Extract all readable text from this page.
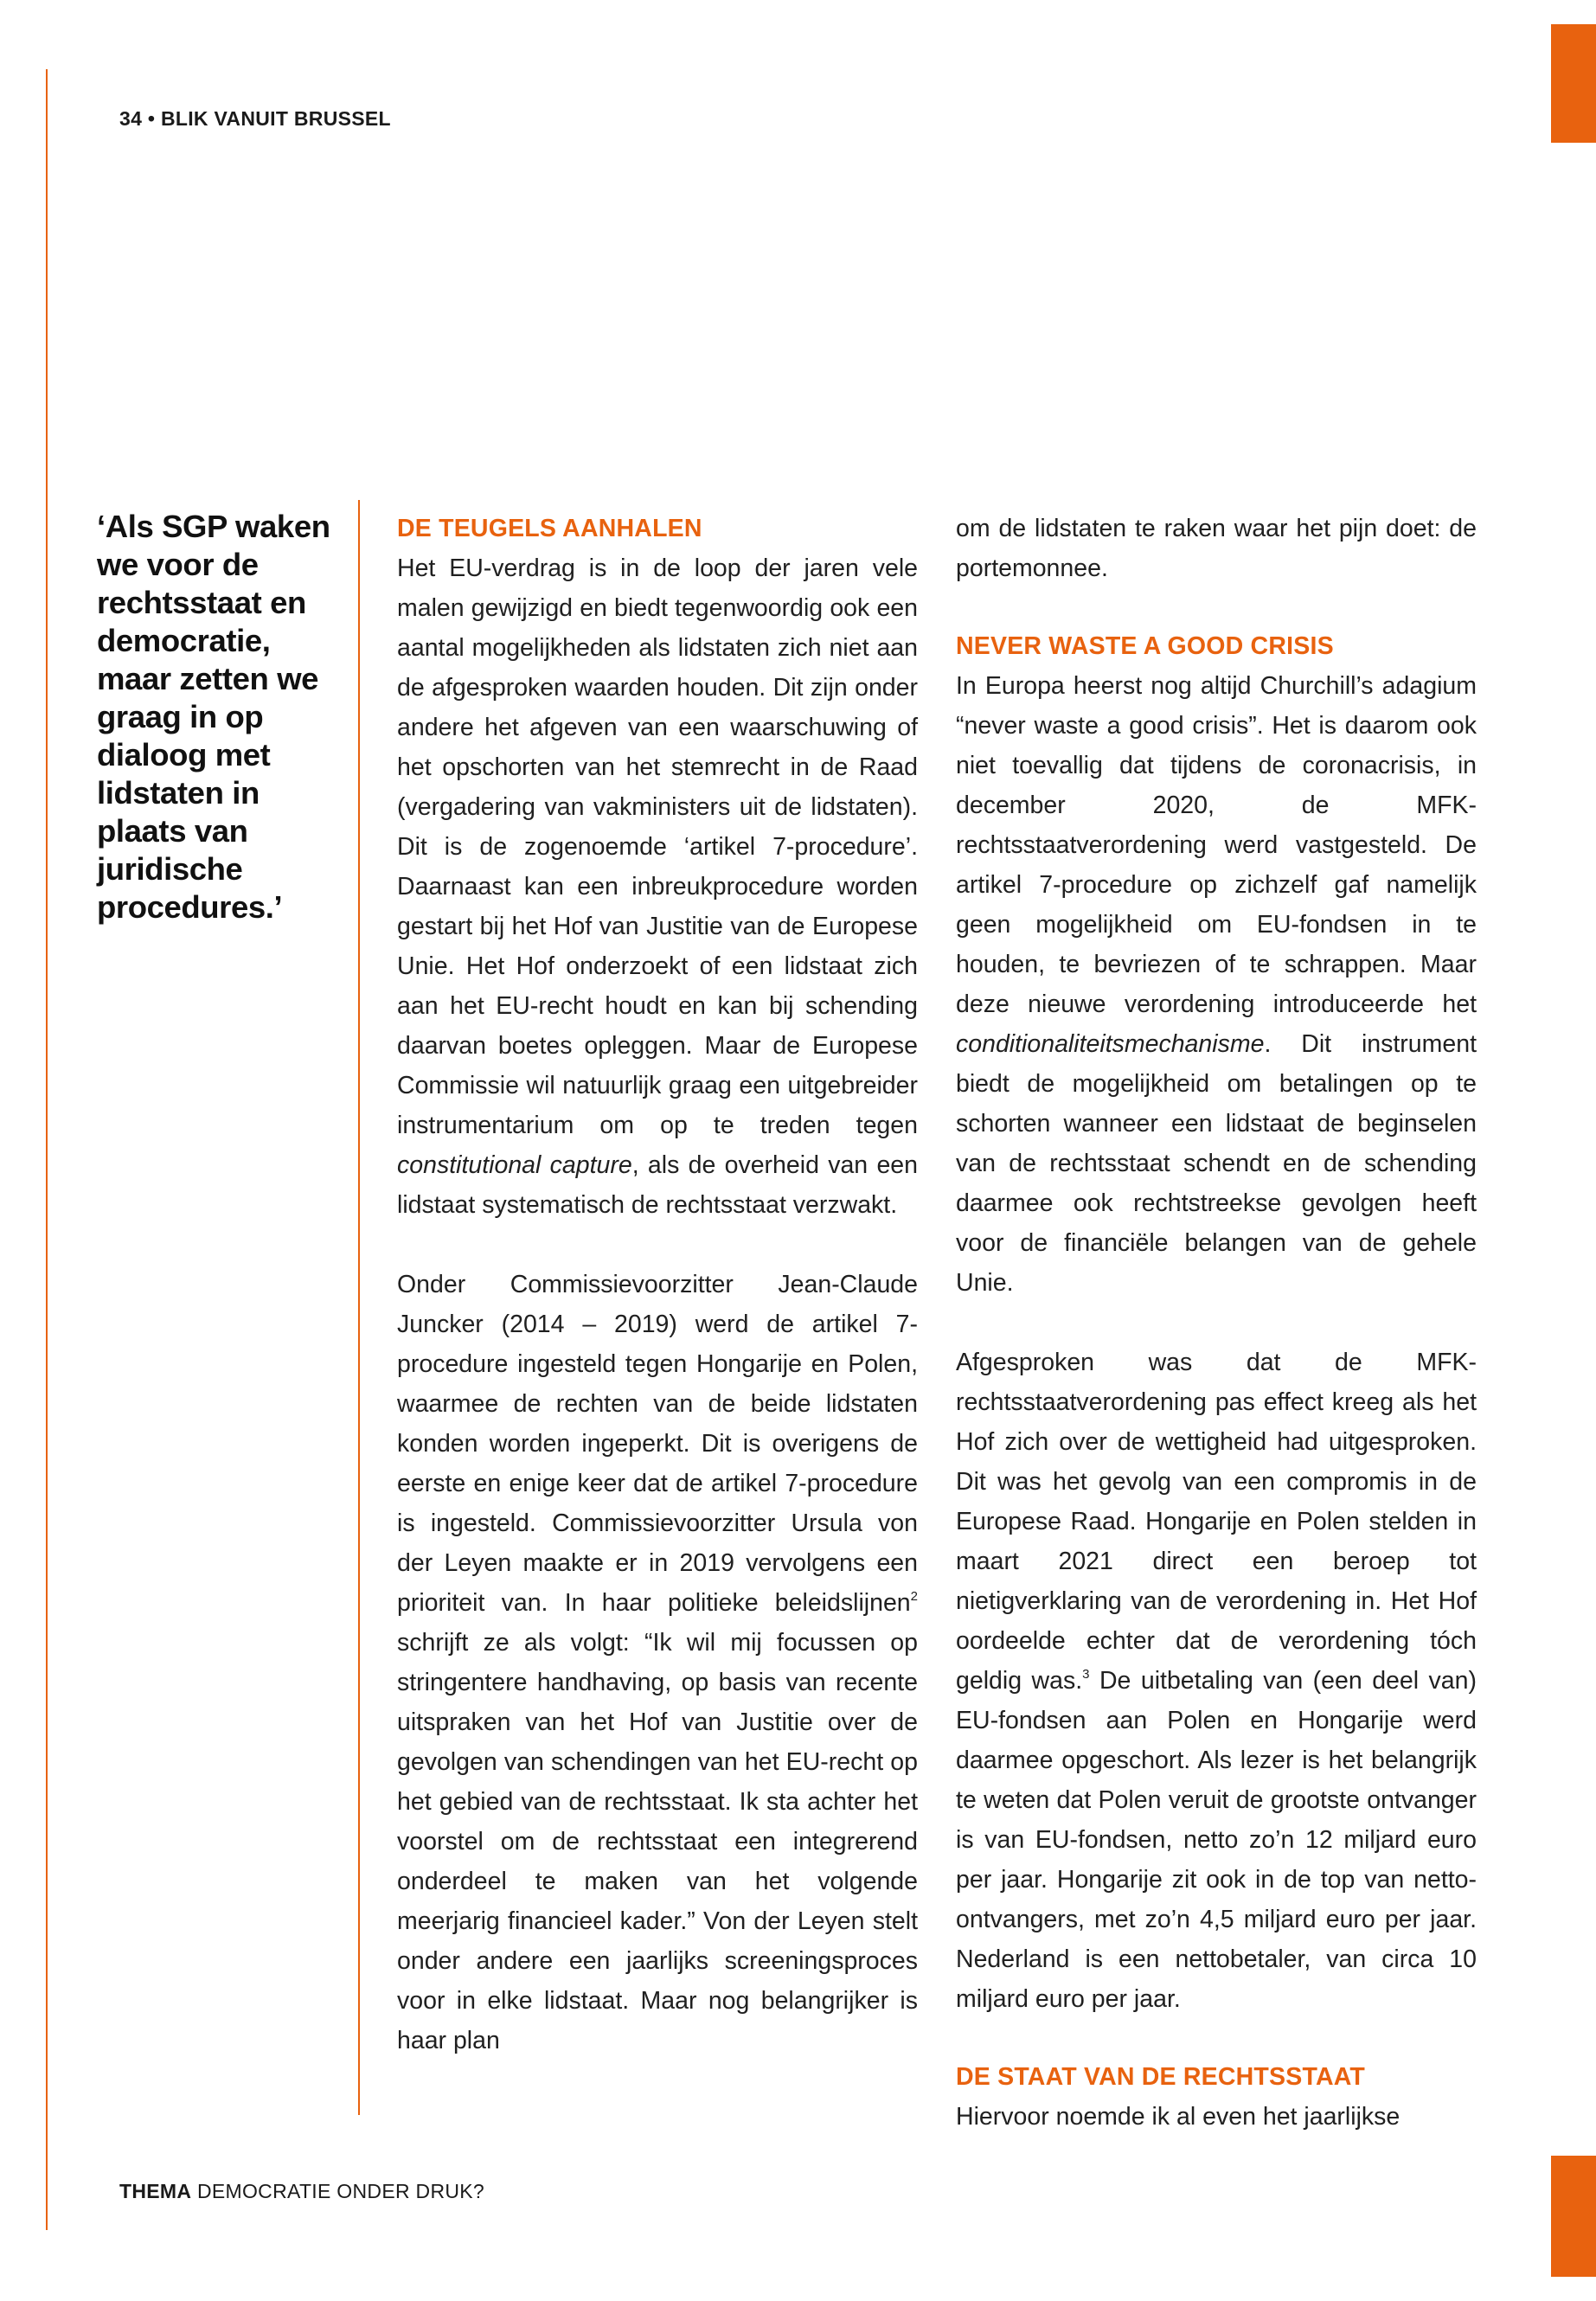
34 • BLIK VANUIT BRUSSEL
‘Als SGP waken we voor de rechtsstaat en democratie, maar zetten we graag in op dialoog met lidstaten in plaats van juridische procedures.’
DE TEUGELS AANHALEN

Het EU-verdrag is in de loop der jaren vele malen gewijzigd en biedt tegenwoordig ook een aantal mogelijkheden als lidstaten zich niet aan de afgesproken waarden houden. Dit zijn onder andere het afgeven van een waarschuwing of het opschorten van het stemrecht in de Raad (vergadering van vakministers uit de lidstaten). Dit is de zogenoemde ‘artikel 7-procedure’. Daarnaast kan een inbreukprocedure worden gestart bij het Hof van Justitie van de Europese Unie. Het Hof onderzoekt of een lidstaat zich aan het EU-recht houdt en kan bij schending daarvan boetes opleggen. Maar de Europese Commissie wil natuurlijk graag een uitgebreider instrumentarium om op te treden tegen constitutional capture, als de overheid van een lidstaat systematisch de rechtsstaat verzwakt.

Onder Commissievoorzitter Jean-Claude Juncker (2014 – 2019) werd de artikel 7-procedure ingesteld tegen Hongarije en Polen, waarmee de rechten van de beide lidstaten konden worden ingeperkt. Dit is overigens de eerste en enige keer dat de artikel 7-procedure is ingesteld. Commissievoorzitter Ursula von der Leyen maakte er in 2019 vervolgens een prioriteit van. In haar politieke beleidslijnen$^2$ schrijft ze als volgt: “Ik wil mij focussen op stringentere handhaving, op basis van recente uitspraken van het Hof van Justitie over de gevolgen van schendingen van het EU-recht op het gebied van de rechtsstaat. Ik sta achter het voorstel om de rechtsstaat een integrerend onderdeel te maken van het volgende meerjarig financieel kader.” Von der Leyen stelt onder andere een jaarlijks screeningsproces voor in elke lidstaat. Maar nog belangrijker is haar plan

om de lidstaten te raken waar het pijn doet: de portemonnee.

NEVER WASTE A GOOD CRISIS

In Europa heerst nog altijd Churchill’s adagium “never waste a good crisis”. Het is daarom ook niet toevallig dat tijdens de coronacrisis, in december 2020, de MFK-rechtsstaatverordening werd vastgesteld. De artikel 7-procedure op zichzelf gaf namelijk geen mogelijkheid om EU-fondsen in te houden, te bevriezen of te schrappen. Maar deze nieuwe verordening introduceerde het conditionaliteitsmechanisme. Dit instrument biedt de mogelijkheid om betalingen op te schorten wanneer een lidstaat de beginselen van de rechtsstaat schendt en de schending daarmee ook rechtstreekse gevolgen heeft voor de financiële belangen van de gehele Unie.

Afgesproken was dat de MFK-rechtsstaatverordening pas effect kreeg als het Hof zich over de wettigheid had uitgesproken. Dit was het gevolg van een compromis in de Europese Raad. Hongarije en Polen stelden in maart 2021 direct een beroep tot nietigverklaring van de verordening in. Het Hof oordeelde echter dat de verordening tóch geldig was.$^3$ De uitbetaling van (een deel van) EU-fondsen aan Polen en Hongarije werd daarmee opgeschort. Als lezer is het belangrijk te weten dat Polen veruit de grootste ontvanger is van EU-fondsen, netto zo’n 12 miljard euro per jaar. Hongarije zit ook in de top van netto-ontvangers, met zo’n 4,5 miljard euro per jaar. Nederland is een nettobetaler, van circa 10 miljard euro per jaar.

DE STAAT VAN DE RECHTSSTAAT

Hiervoor noemde ik al even het jaarlijkse

THEMA DEMOCRATIE ONDER DRUK?
